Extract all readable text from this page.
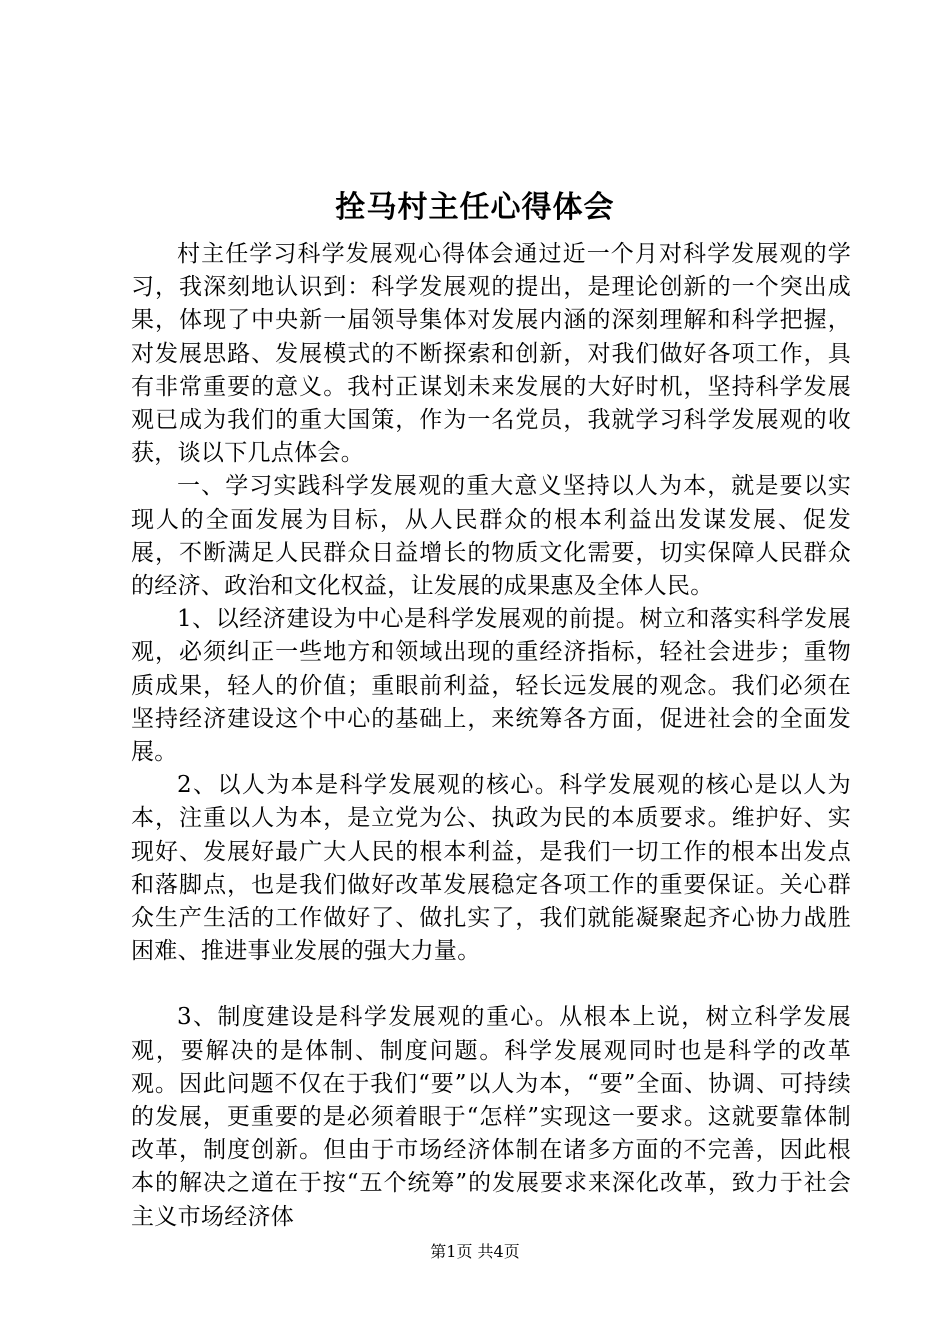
拴马村主任心得体会

村主任学习科学发展观心得体会通过近一个月对科学发展观的学习，我深刻地认识到：科学发展观的提出，是理论创新的一个突出成果，体现了中央新一届领导集体对发展内涵的深刻理解和科学把握，对发展思路、发展模式的不断探索和创新，对我们做好各项工作，具有非常重要的意义。我村正谋划未来发展的大好时机，坚持科学发展观已成为我们的重大国策，作为一名党员，我就学习科学发展观的收获，谈以下几点体会。

一、学习实践科学发展观的重大意义坚持以人为本，就是要以实现人的全面发展为目标，从人民群众的根本利益出发谋发展、促发展，不断满足人民群众日益增长的物质文化需要，切实保障人民群众的经济、政治和文化权益，让发展的成果惠及全体人民。

1、以经济建设为中心是科学发展观的前提。树立和落实科学发展观，必须纠正一些地方和领域出现的重经济指标，轻社会进步；重物质成果，轻人的价值；重眼前利益，轻长远发展的观念。我们必须在坚持经济建设这个中心的基础上，来统筹各方面，促进社会的全面发展。

2、以人为本是科学发展观的核心。科学发展观的核心是以人为本，注重以人为本，是立党为公、执政为民的本质要求。维护好、实现好、发展好最广大人民的根本利益，是我们一切工作的根本出发点和落脚点，也是我们做好改革发展稳定各项工作的重要保证。关心群众生产生活的工作做好了、做扎实了，我们就能凝聚起齐心协力战胜困难、推进事业发展的强大力量。

3、制度建设是科学发展观的重心。从根本上说，树立科学发展观，要解决的是体制、制度问题。科学发展观同时也是科学的改革观。因此问题不仅在于我们“要”以人为本，“要”全面、协调、可持续的发展，更重要的是必须着眼于“怎样”实现这一要求。这就要靠体制改革，制度创新。但由于市场经济体制在诸多方面的不完善，因此根本的解决之道在于按“五个统筹”的发展要求来深化改革，致力于社会主义市场经济体

第1页 共4页
